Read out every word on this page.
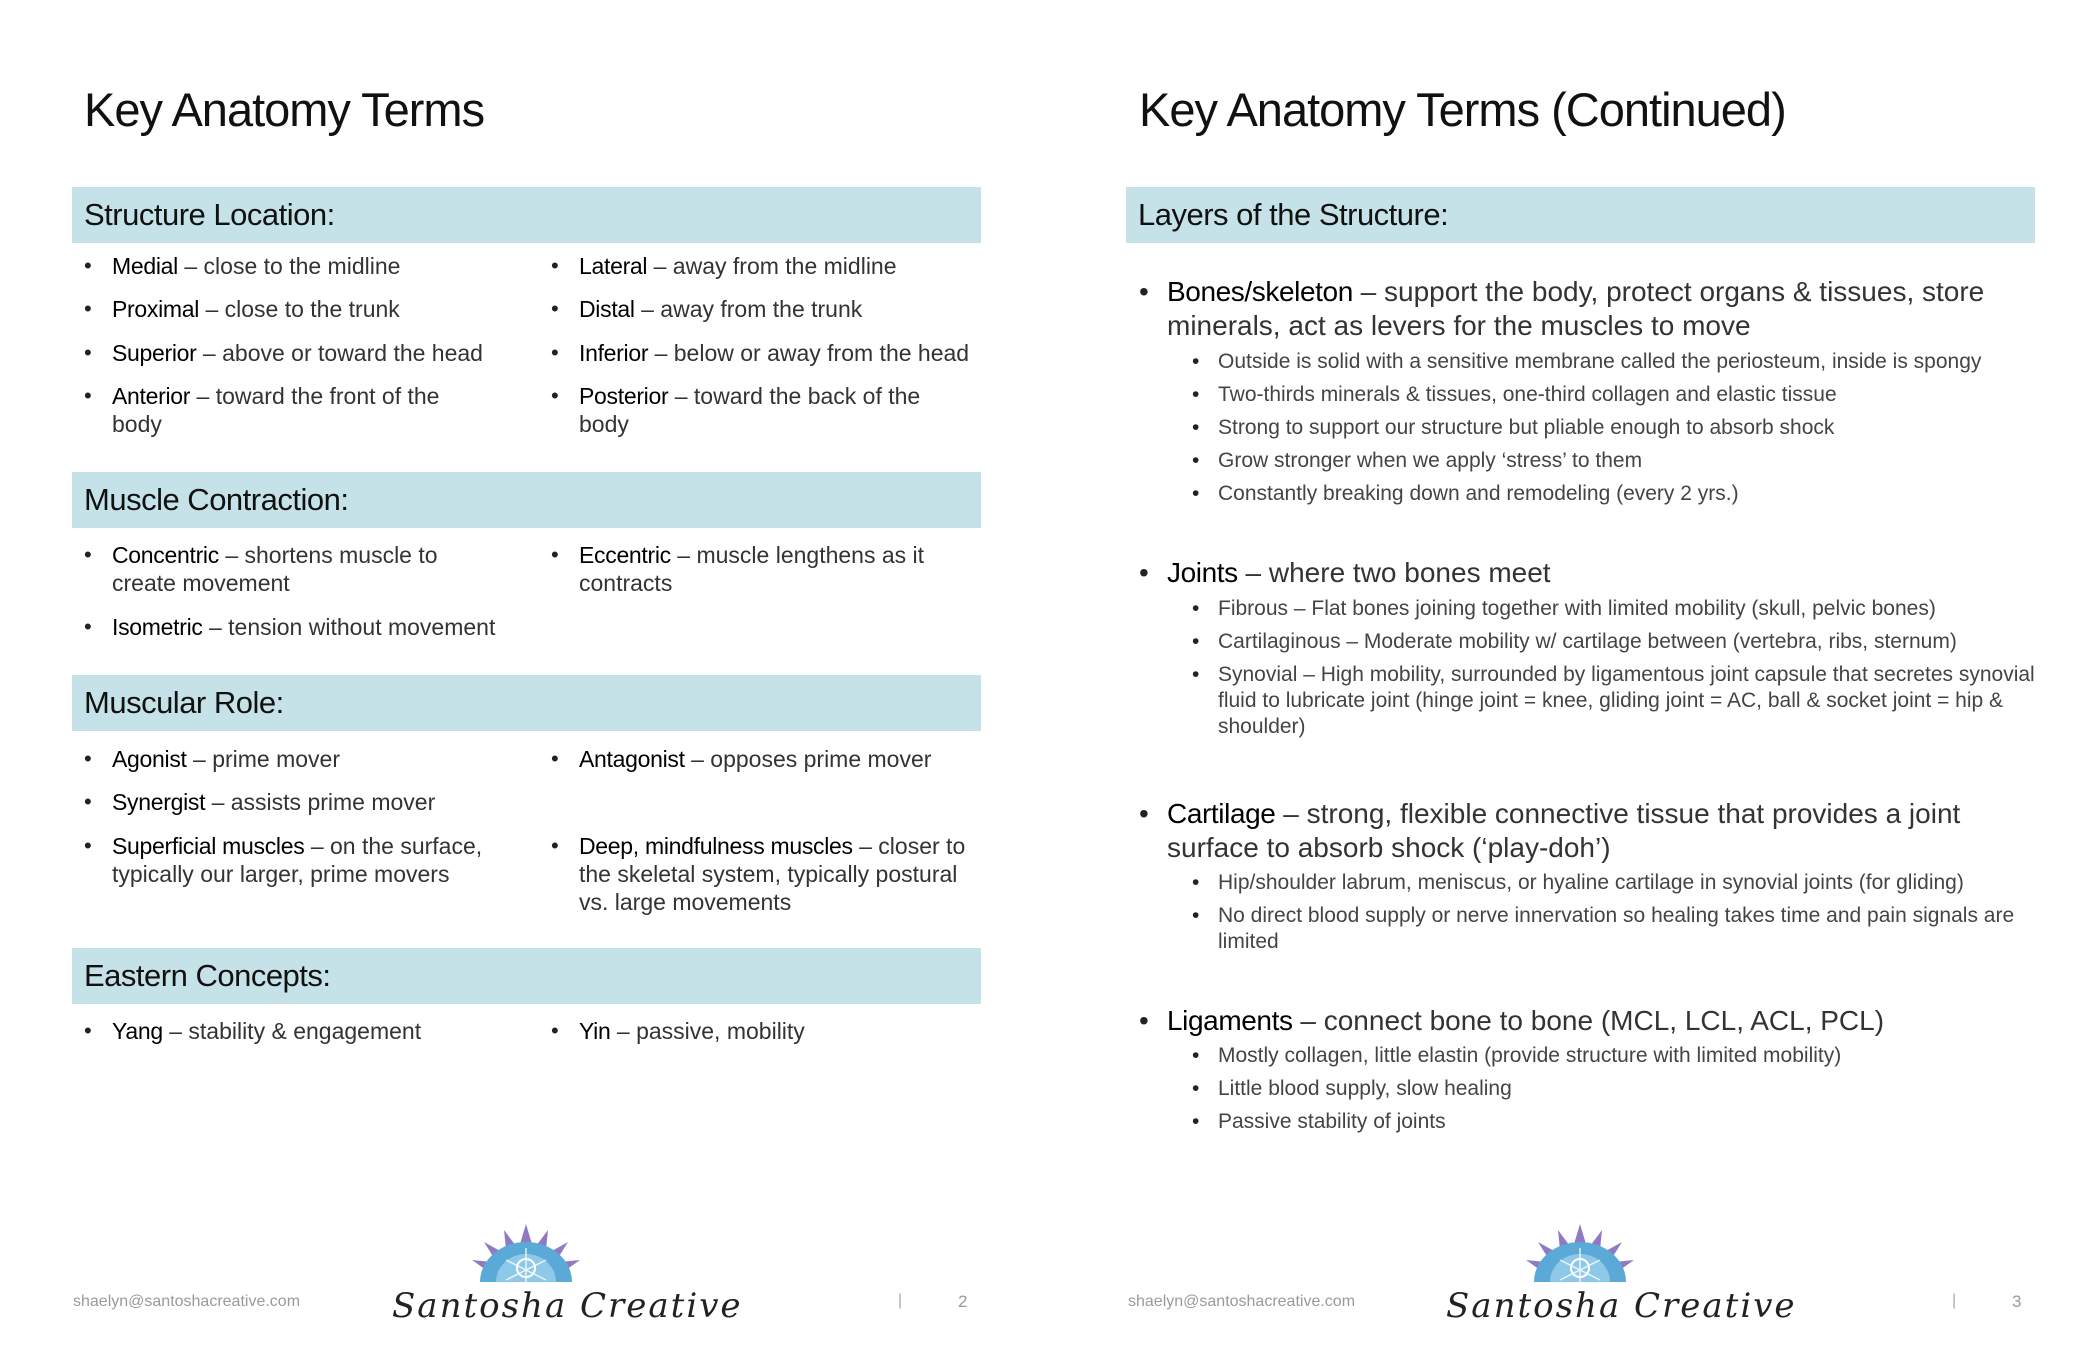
Key Anatomy Terms
Structure Location:
• Medial – close to the midline
• Proximal – close to the trunk
• Superior – above or toward the head
• Anterior – toward the front of the body
• Lateral – away from the midline
• Distal – away from the trunk
• Inferior – below or away from the head
• Posterior – toward the back of the body
Muscle Contraction:
• Concentric – shortens muscle to create movement
• Isometric – tension without movement
• Eccentric – muscle lengthens as it contracts
Muscular Role:
• Agonist – prime mover
• Synergist – assists prime mover
• Superficial muscles – on the surface, typically our larger, prime movers
• Antagonist – opposes prime mover
• Deep, mindfulness muscles – closer to the skeletal system, typically postural vs. large movements
Eastern Concepts:
• Yang – stability & engagement
•	Yin – passive, mobility
shaelyn@santoshacreative.com	Santosha Creative	|	2
Key Anatomy Terms (Continued)
Layers of the Structure:
• Bones/skeleton – support the body, protect organs & tissues, store minerals, act as levers for the muscles to move
• Outside is solid with a sensitive membrane called the periosteum, inside is spongy
• Two-thirds minerals & tissues, one-third collagen and elastic tissue
• Strong to support our structure but pliable enough to absorb shock
• Grow stronger when we apply ‘stress’ to them
• Constantly breaking down and remodeling (every 2 yrs.)
• Joints – where two bones meet
• Fibrous – Flat bones joining together with limited mobility (skull, pelvic bones)
• Cartilaginous – Moderate mobility w/ cartilage between (vertebra, ribs, sternum)
• Synovial – High mobility, surrounded by ligamentous joint capsule that secretes synovial fluid to lubricate joint (hinge joint = knee, gliding joint = AC, ball & socket joint = hip & shoulder)
• Cartilage – strong, flexible connective tissue that provides a joint surface to absorb shock (‘play-doh’)
• Hip/shoulder labrum, meniscus, or hyaline cartilage in synovial joints (for gliding)
• No direct blood supply or nerve innervation so healing takes time and pain signals are limited
• Ligaments – connect bone to bone (MCL, LCL, ACL, PCL)
• Mostly collagen, little elastin (provide structure with limited mobility)
• Little blood supply, slow healing
• Passive stability of joints
shaelyn@santoshacreative.com	Santosha Creative	|	3
